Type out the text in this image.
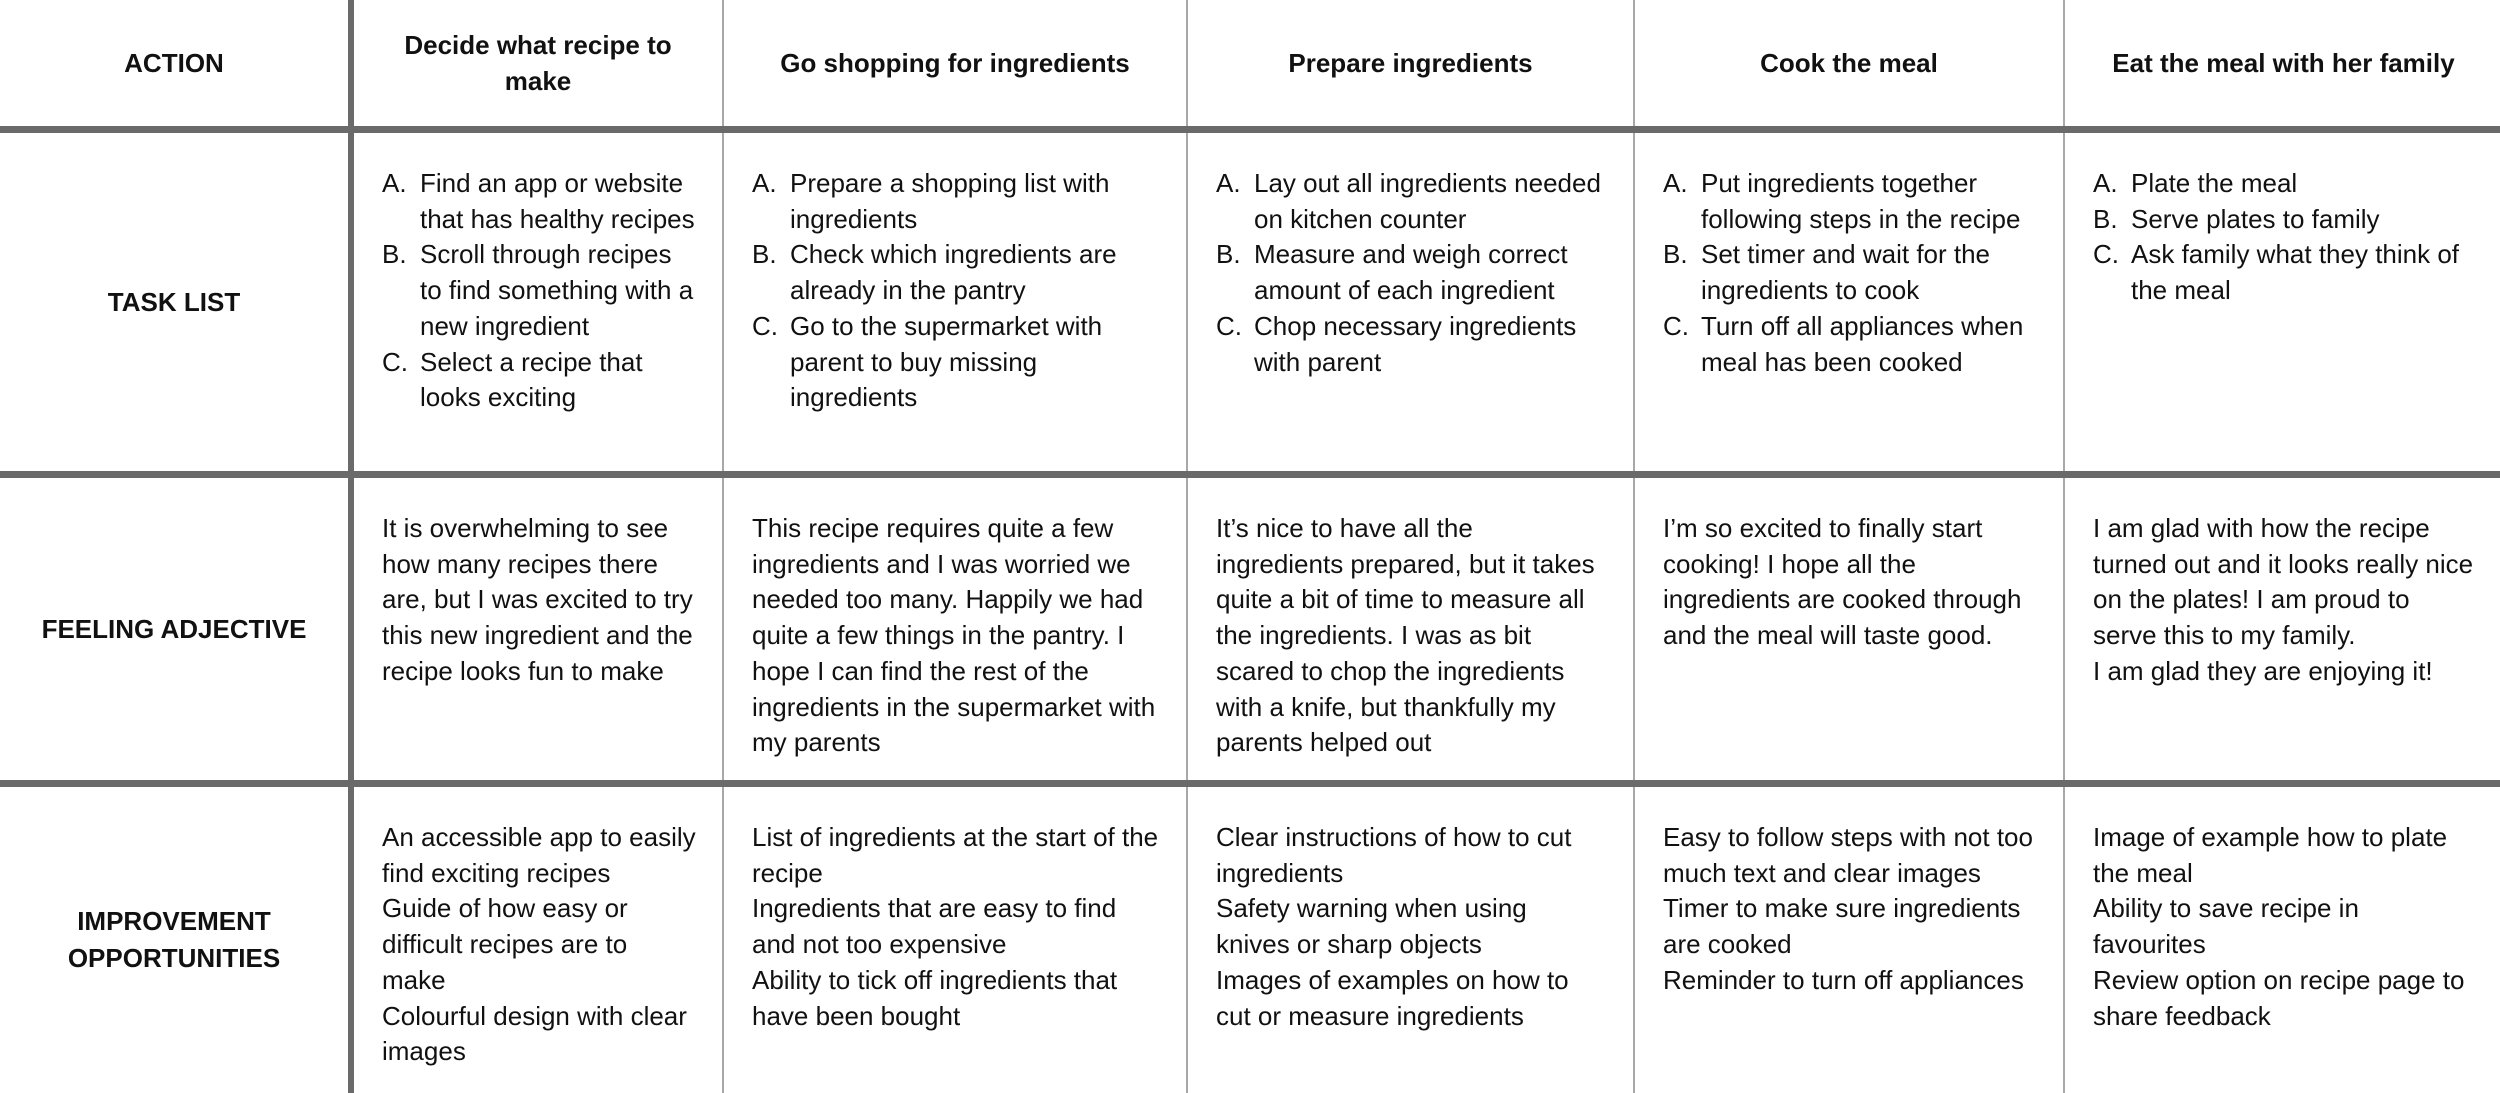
ACTION
TASK LIST
FEELING ADJECTIVE
IMPROVEMENT
OPPORTUNITIES
Decide what recipe to make
A. Find an app or website that has healthy recipes
B. Scroll through recipes to find something with a new ingredient
C. Select a recipe that looks exciting

It is overwhelming to see how many recipes there are, but I was excited to try this new ingredient and the recipe looks fun to make

An accessible app to easily find exciting recipes

Guide of how easy or difficult recipes are to make

Colourful design with clear images

Go shopping for ingredients
A. Prepare a shopping list with ingredients
B. Check which ingredients are already in the pantry
C. Go to the supermarket with parent to buy missing ingredients

This recipe requires quite a few ingredients and I was worried we needed too many. Happily we had quite a few things in the pantry. I hope I can find the rest of the ingredients in the supermarket with my parents

List of ingredients at the start of the recipe

Ingredients that are easy to find and not too expensive

Ability to tick off ingredients that have been bought

Prepare ingredients
A. Lay out all ingredients needed on kitchen counter
B. Measure and weigh correct amount of each ingredient
C. Chop necessary ingredients with parent

It’s nice to have all the ingredients prepared, but it takes quite a bit of time to measure all the ingredients. I was as bit scared to chop the ingredients with a knife, but thankfully my parents helped out

Clear instructions of how to cut ingredients

Safety warning when using knives or sharp objects

Images of examples on how to cut or measure ingredients

Cook the meal
A. Put ingredients together following steps in the recipe
B. Set timer and wait for the ingredients to cook
C. Turn off all appliances when meal has been cooked

I’m so excited to finally start cooking! I hope all the ingredients are cooked through and the meal will taste good.

Easy to follow steps with not too much text and clear images

Timer to make sure ingredients are cooked

Reminder to turn off appliances

Eat the meal with her family
A. Plate the meal
B. Serve plates to family
C. Ask family what they think of the meal

I am glad with how the recipe turned out and it looks really nice on the plates! I am proud to serve this to my family.
I am glad they are enjoying it!

Image of example how to plate the meal

Ability to save recipe in favourites

Review option on recipe page to share feedback
